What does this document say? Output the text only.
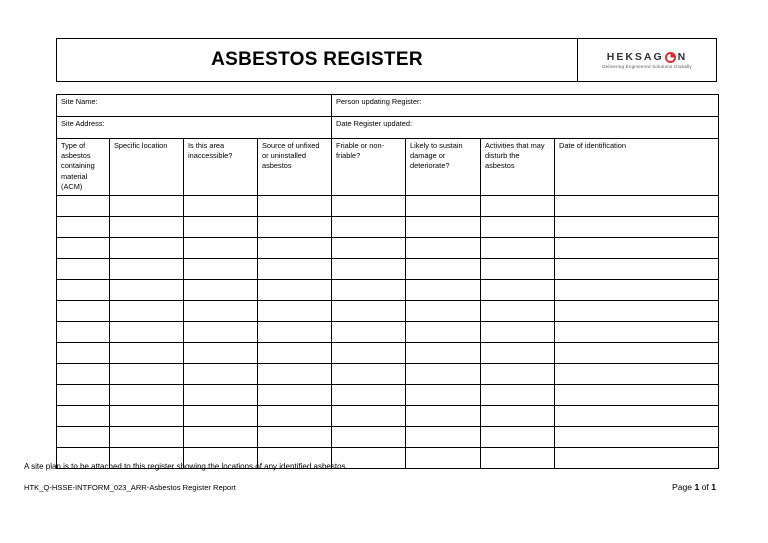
ASBESTOS REGISTER	HEKSAG N
Delivering Engineered Solutions Globally
Site Name:				Person updating Register:			
Site Address:				Date Register updated:			
Type of asbestos containing material (ACM)	Specific location	Is this area inaccessible?	Source of unfixed or uninstalled asbestos	Friable or non-friable?	Likely to sustain damage or deteriorate?	Activities that may disturb the asbestos	Date of identification

A site plan is to be attached to this register showing the locations of any identified asbestos.
HTK_Q-HSSE-INTFORM_023_ARR-Asbestos Register Report	Page 1 of 1
